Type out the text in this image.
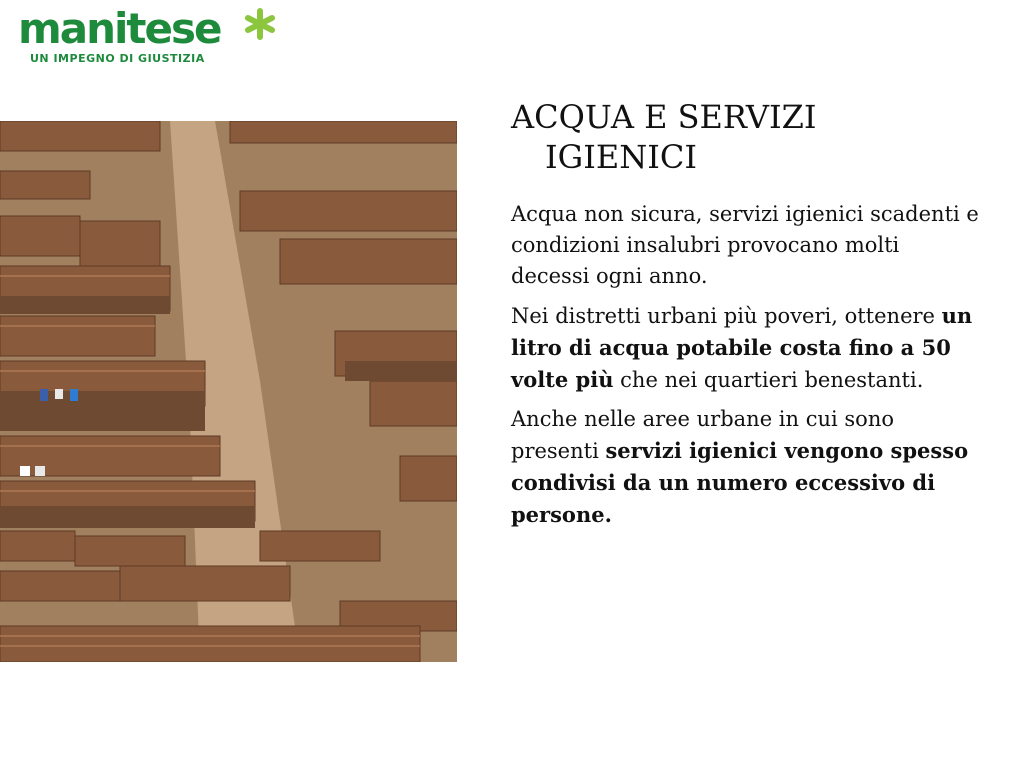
manitese
UN IMPEGNO DI GIUSTIZIA
ACQUA E SERVIZI
IGIENICI

Acqua non sicura, servizi igienici scadenti e condizioni insalubri provocano molti decessi ogni anno.

Nei distretti urbani più poveri, ottenere un litro di acqua potabile costa fino a 50 volte più che nei quartieri benestanti.

Anche nelle aree urbane in cui sono presenti servizi igienici vengono spesso condivisi da un numero eccessivo di persone.
